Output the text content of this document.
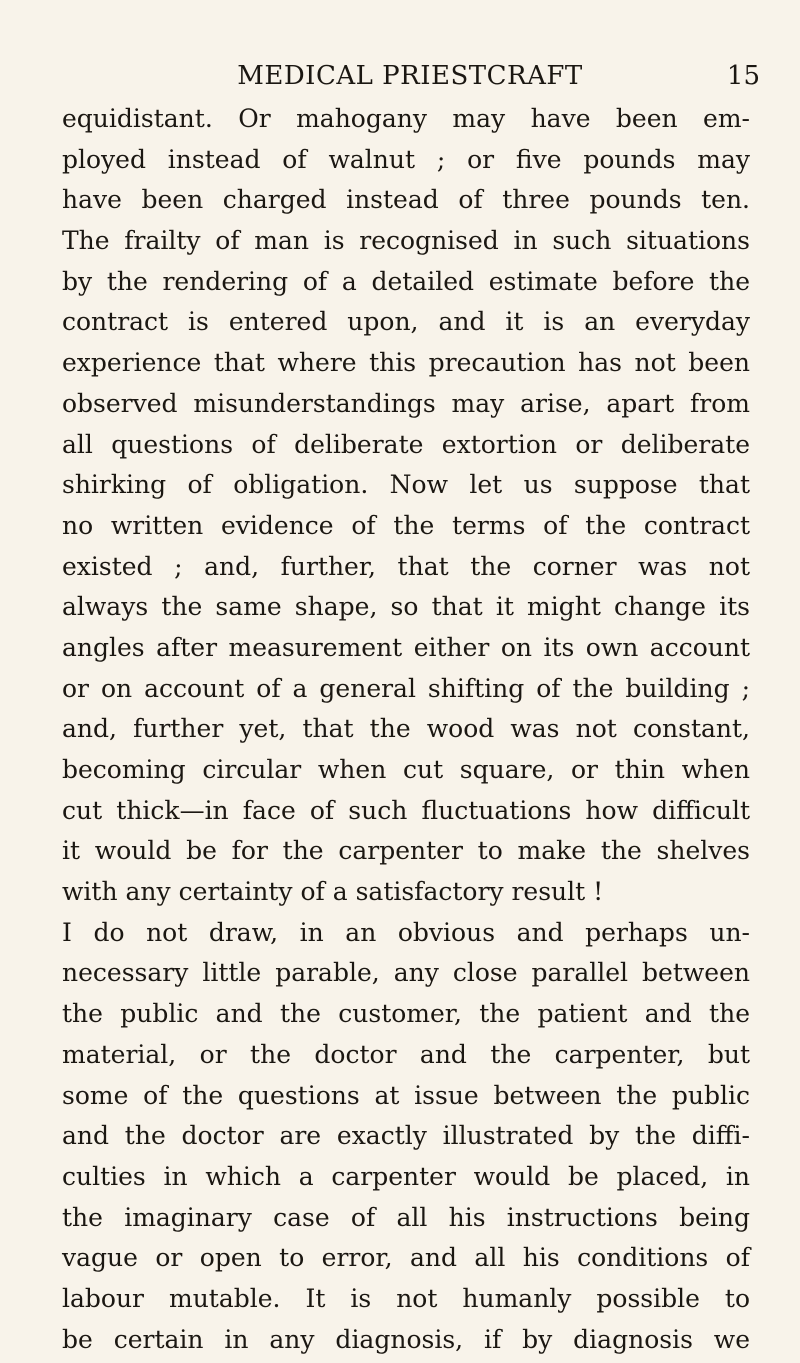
MEDICAL PRIESTCRAFT	15
equidistant. Or mahogany may have been em-
ployed instead of walnut ; or five pounds may
have been charged instead of three pounds ten.
The frailty of man is recognised in such situations
by the rendering of a detailed estimate before the
contract is entered upon, and it is an everyday
experience that where this precaution has not been
observed misunderstandings may arise, apart from
all questions of deliberate extortion or deliberate
shirking of obligation. Now let us suppose that
no written evidence of the terms of the contract
existed ; and, further, that the corner was not
always the same shape, so that it might change its
angles after measurement either on its own account
or on account of a general shifting of the building ;
and, further yet, that the wood was not constant,
becoming circular when cut square, or thin when
cut thick—in face of such fluctuations how difficult
it would be for the carpenter to make the shelves
with any certainty of a satisfactory result !
I do not draw, in an obvious and perhaps un-
necessary little parable, any close parallel between
the public and the customer, the patient and the
material, or the doctor and the carpenter, but
some of the questions at issue between the public
and the doctor are exactly illustrated by the diffi-
culties in which a carpenter would be placed, in
the imaginary case of all his instructions being
vague or open to error, and all his conditions of
labour mutable. It is not humanly possible to
be certain in any diagnosis, if by diagnosis we
